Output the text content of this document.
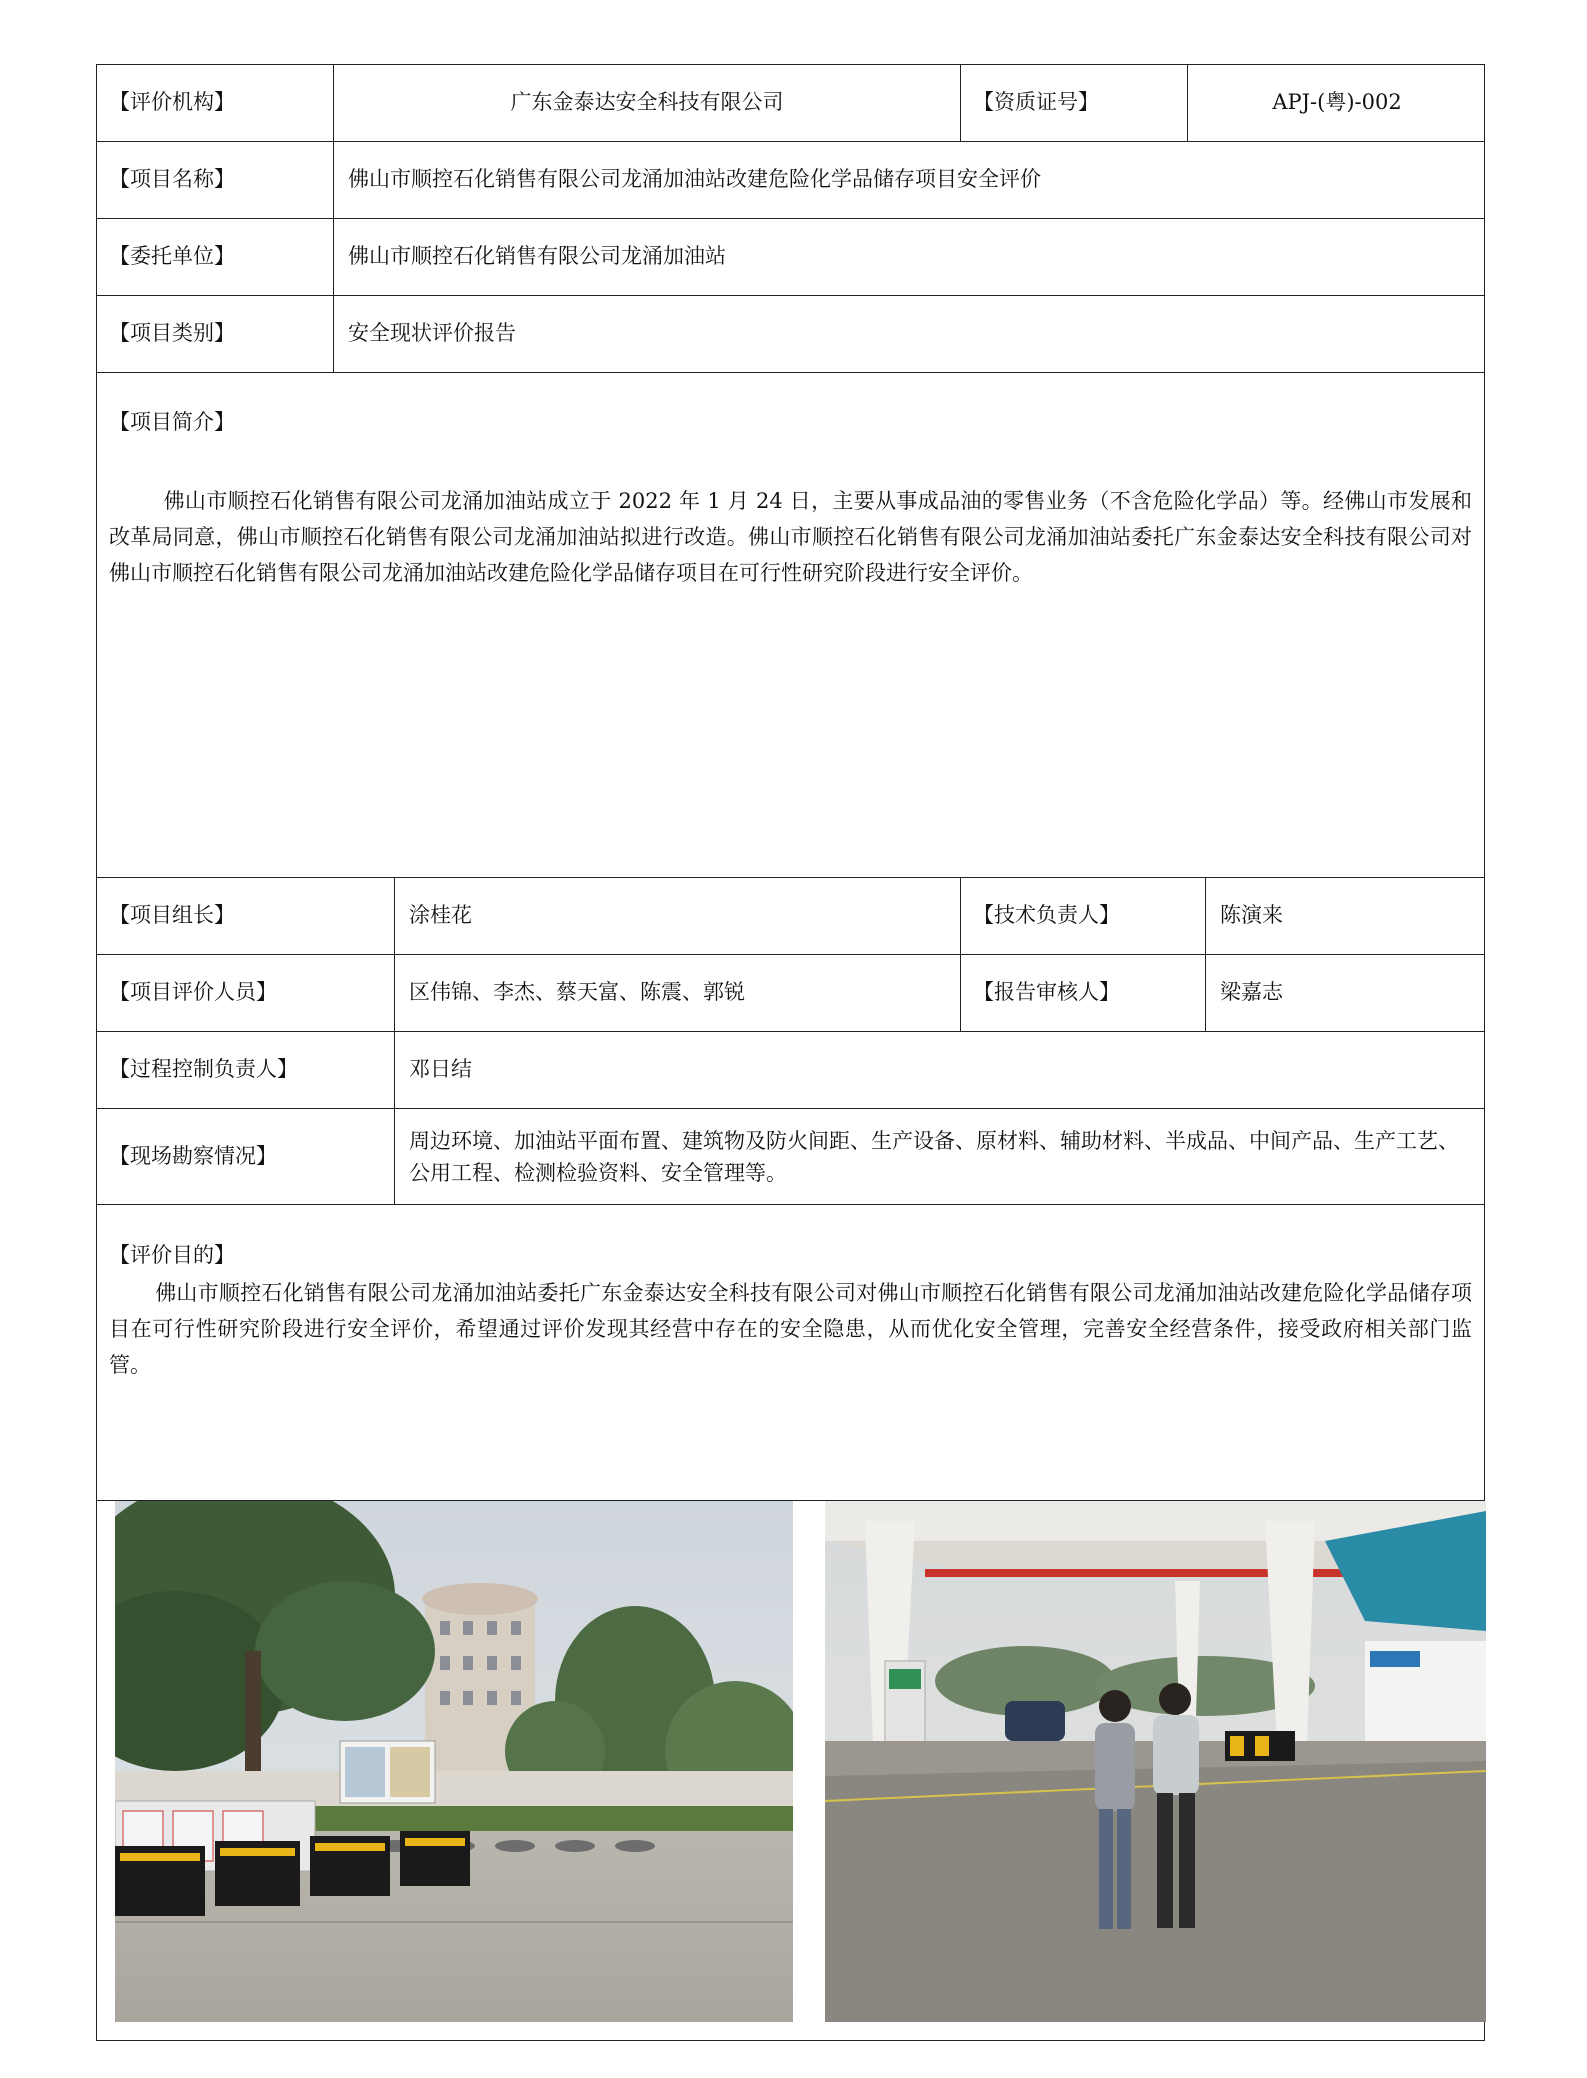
【评价机构】	广东金泰达安全科技有限公司	【资质证号】	APJ-(粤)-002
【项目名称】	佛山市顺控石化销售有限公司龙涌加油站改建危险化学品储存项目安全评价
【委托单位】	佛山市顺控石化销售有限公司龙涌加油站
【项目类别】	安全现状评价报告
【项目简介】
佛山市顺控石化销售有限公司龙涌加油站成立于 2022 年 1 月 24 日，主要从事成品油的零售业务（不含危险化学品）等。经佛山市发展和改革局同意，佛山市顺控石化销售有限公司龙涌加油站拟进行改造。佛山市顺控石化销售有限公司龙涌加油站委托广东金泰达安全科技有限公司对佛山市顺控石化销售有限公司龙涌加油站改建危险化学品储存项目在可行性研究阶段进行安全评价。
【项目组长】	涂桂花	【技术负责人】	陈演来
【项目评价人员】	区伟锦、李杰、蔡天富、陈震、郭锐	【报告审核人】	梁嘉志
【过程控制负责人】	邓日结
【现场勘察情况】
周边环境、加油站平面布置、建筑物及防火间距、生产设备、原材料、辅助材料、半成品、中间产品、生产工艺、公用工程、检测检验资料、安全管理等。
【评价目的】
佛山市顺控石化销售有限公司龙涌加油站委托广东金泰达安全科技有限公司对佛山市顺控石化销售有限公司龙涌加油站改建危险化学品储存项目在可行性研究阶段进行安全评价，希望通过评价发现其经营中存在的安全隐患，从而优化安全管理，完善安全经营条件，接受政府相关部门监管。
